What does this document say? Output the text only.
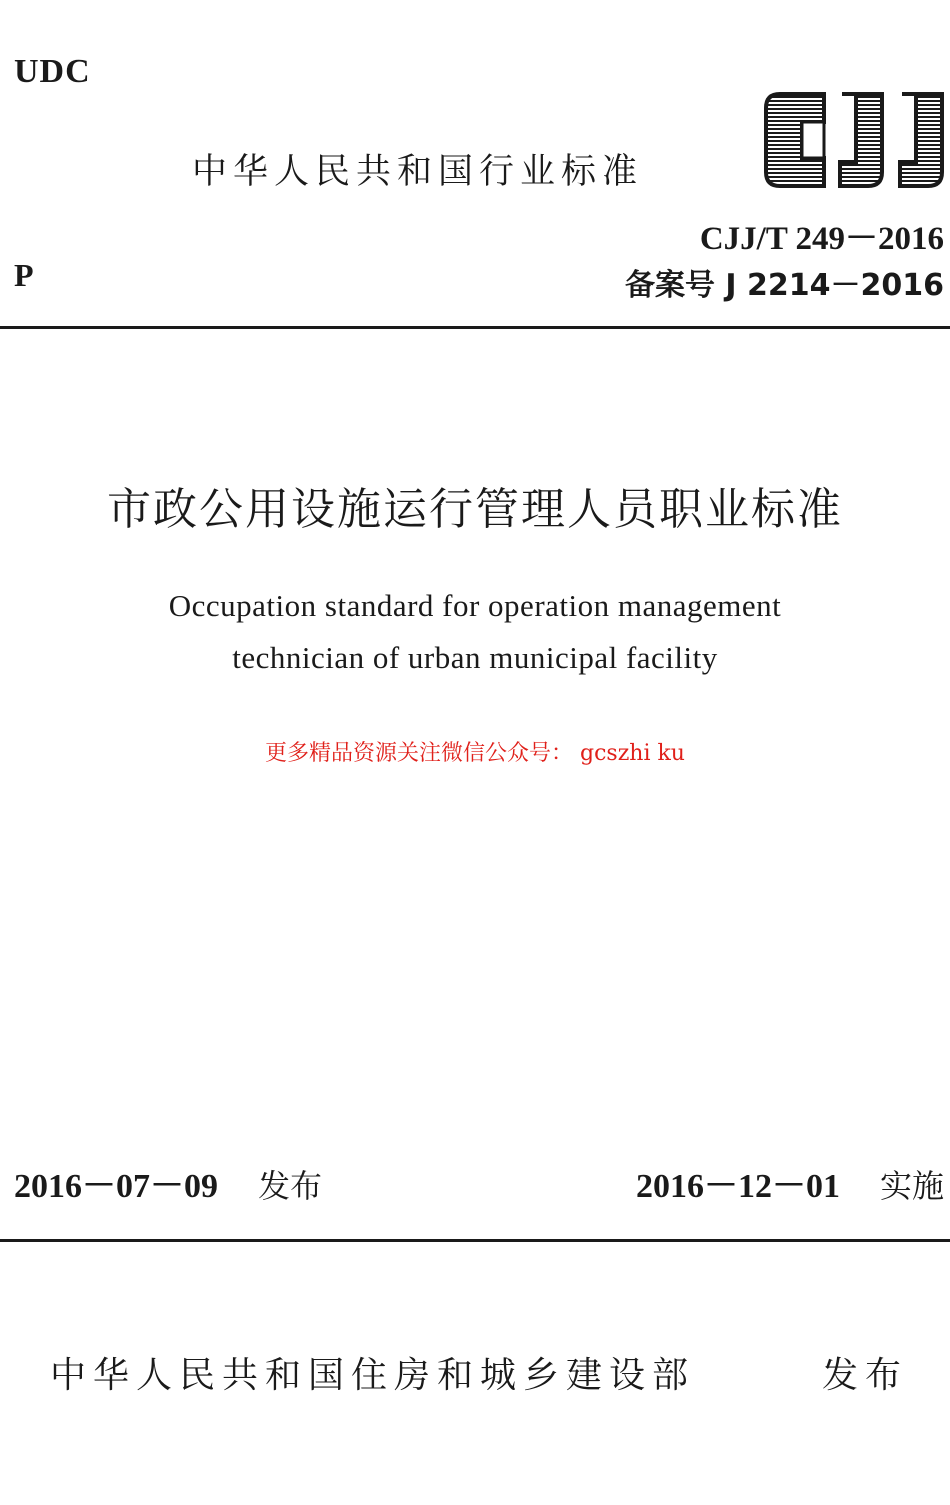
UDC
中华人民共和国行业标准
CJJ
CJJ/T 249－2016
P	备案号 J 2214－2016
市政公用设施运行管理人员职业标准
Occupation standard for operation management
technician of urban municipal facility
更多精品资源关注微信公众号： gcszhi ku
2016－07－09 发布	2016－12－01 实施
中华人民共和国住房和城乡建设部	发布
